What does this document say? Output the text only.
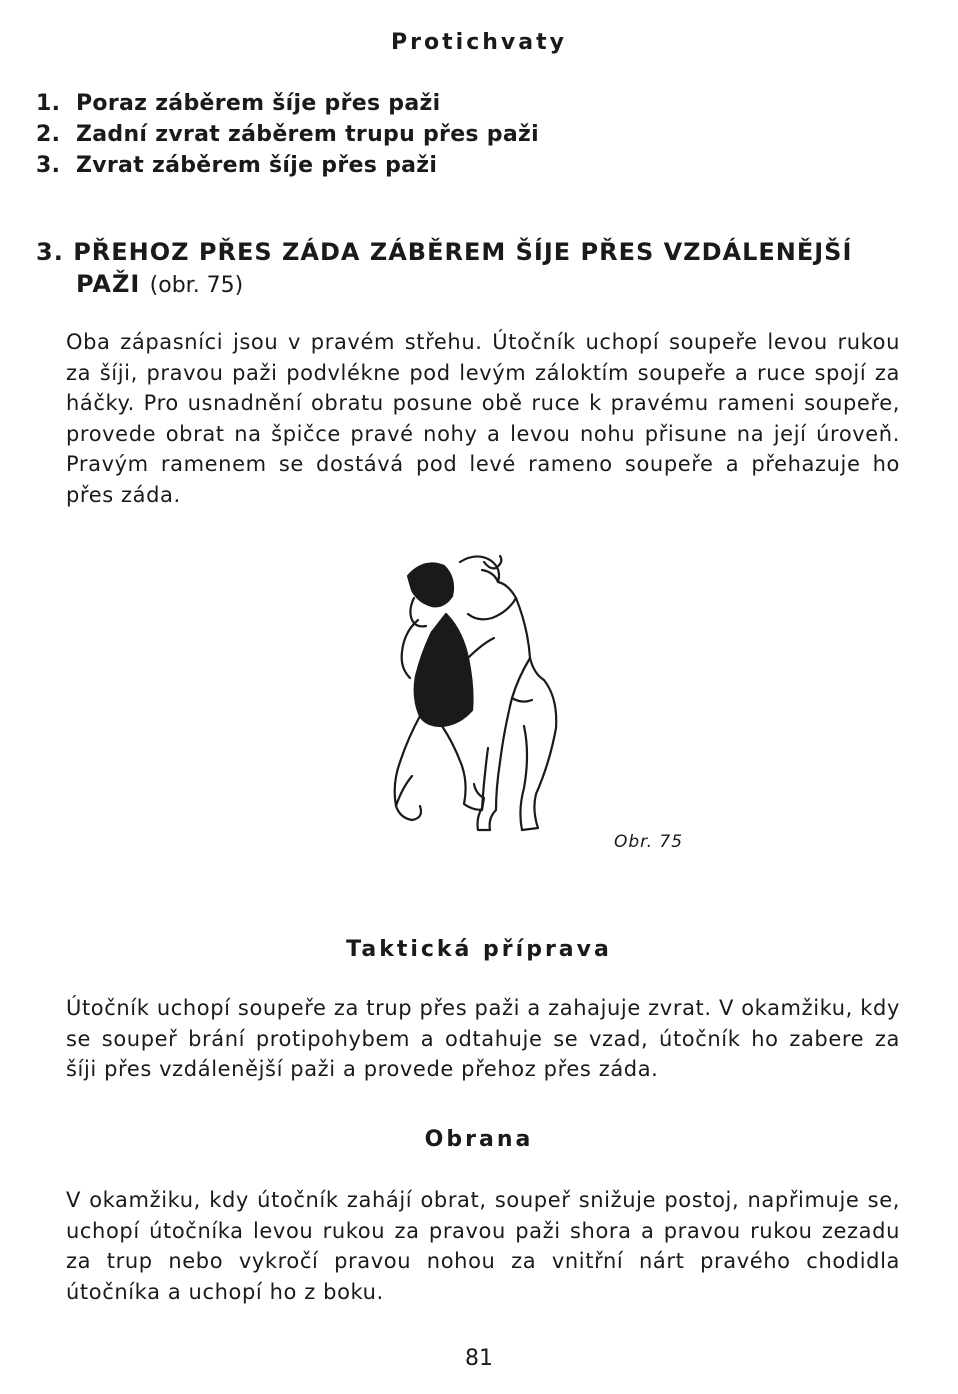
Protichvaty
1. Poraz záběrem šíje přes paži
2. Zadní zvrat záběrem trupu přes paži
3. Zvrat záběrem šíje přes paži
3. PŘEHOZ PŘES ZÁDA ZÁBĚREM ŠÍJE PŘES VZDÁLENĚJŠÍ
PAŽI (obr. 75)

Oba zápasníci jsou v pravém střehu. Útočník uchopí soupeře levou rukou za šíji, pravou paži podvlékne pod levým záloktím soupeře a ruce spojí za háčky. Pro usnadnění obratu posune obě ruce k pravému rameni soupeře, provede obrat na špičce pravé nohy a levou nohu přisune na její úroveň. Pravým ramenem se dostává pod levé rameno soupeře a přehazuje ho přes záda.

Obr. 75
Taktická příprava

Útočník uchopí soupeře za trup přes paži a zahajuje zvrat. V okamžiku, kdy se soupeř brání protipohybem a odtahuje se vzad, útočník ho zabere za šíji přes vzdálenější paži a provede přehoz přes záda.

Obrana

V okamžiku, kdy útočník zahájí obrat, soupeř snižuje postoj, napřimuje se, uchopí útočníka levou rukou za pravou paži shora a pravou rukou zezadu za trup nebo vykročí pravou nohou za vnitřní nárt pravého chodidla útočníka a uchopí ho z boku.

81
